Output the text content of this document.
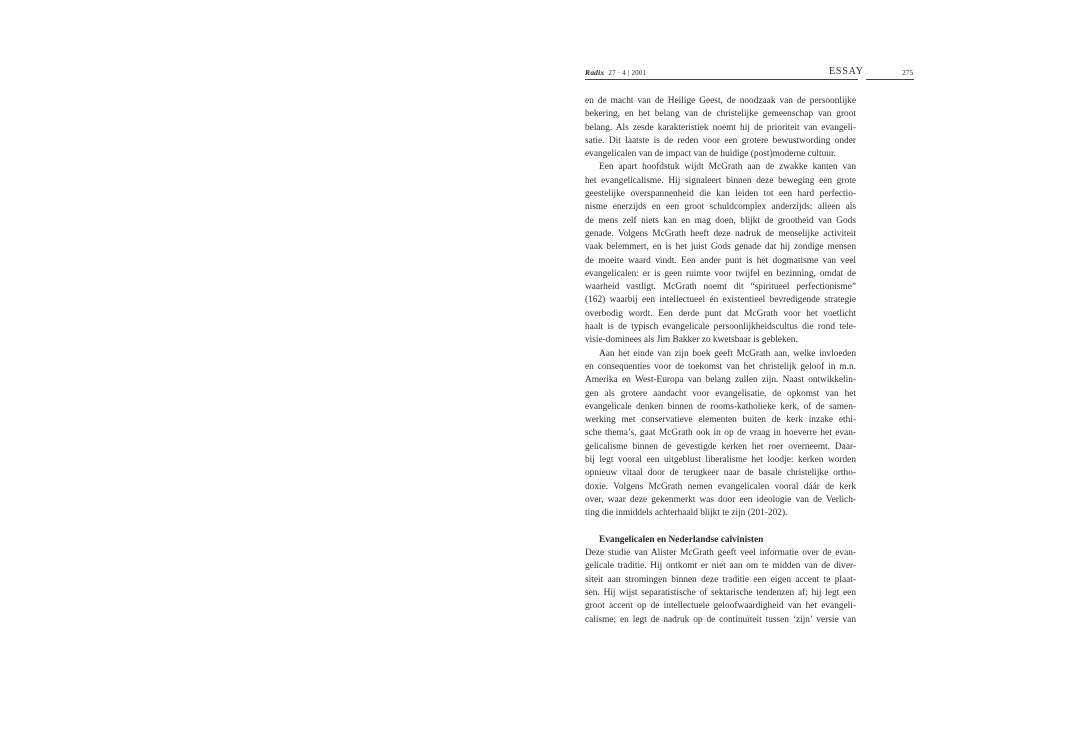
Radix 27 · 4 | 2001	ESSAY	275
en de macht van de Heilige Geest, de noodzaak van de persoonlijke
bekering, en het belang van de christelijke gemeenschap van groot
belang. Als zesde karakteristiek noemt hij de prioriteit van evangeli-
satie. Dit laatste is de reden voor een grotere bewustwording onder
evangelicalen van de impact van de huidige (post)moderne cultuur.
Een apart hoofdstuk wijdt McGrath aan de zwakke kanten van
het evangelicalisme. Hij signaleert binnen deze beweging een grote
geestelijke overspannenheid die kan leiden tot een hard perfectio-
nisme enerzijds en een groot schuldcomplex anderzijds: alleen als
de mens zelf niets kan en mag doen, blijkt de grootheid van Gods
genade. Volgens McGrath heeft deze nadruk de menselijke activiteit
vaak belemmert, en is het juist Gods genade dat hij zondige mensen
de moeite waard vindt. Een ander punt is het dogmatisme van veel
evangelicalen: er is geen ruimte voor twijfel en bezinning, omdat de
waarheid vastligt. McGrath noemt dit “spiritueel perfectionisme”
(162) waarbij een intellectueel én existentieel bevredigende strategie
overbodig wordt. Een derde punt dat McGrath voor het voetlicht
haalt is de typisch evangelicale persoonlijkheidscultus die rond tele-
visie-dominees als Jim Bakker zo kwetsbaar is gebleken.
Aan het einde van zijn boek geeft McGrath aan, welke invloeden
en consequenties voor de toekomst van het christelijk geloof in m.n.
Amerika en West-Europa van belang zullen zijn. Naast ontwikkelin-
gen als grotere aandacht voor evangelisatie, de opkomst van het
evangelicale denken binnen de rooms-katholieke kerk, of de samen-
werking met conservatieve elementen buiten de kerk inzake ethi-
sche thema’s, gaat McGrath ook in op de vraag in hoeverre het evan-
gelicalisme binnen de gevestigde kerken het roer overneemt. Daar-
bij legt vooral een uitgeblust liberalisme het loodje: kerken worden
opnieuw vitaal door de terugkeer naar de basale christelijke ortho-
doxie. Volgens McGrath nemen evangelicalen vooral dáár de kerk
over, waar deze gekenmerkt was door een ideologie van de Verlich-
ting die inmiddels achterhaald blijkt te zijn (201-202).
Evangelicalen en Nederlandse calvinisten
Deze studie van Alister McGrath geeft veel informatie over de evan-
gelicale traditie. Hij ontkomt er niet aan om te midden van de diver-
siteit aan stromingen binnen deze traditie een eigen accent te plaat-
sen. Hij wijst separatistische of sektarische tendenzen af; hij legt een
groot accent op de intellectuele geloofwaardigheid van het evangeli-
calisme; en legt de nadruk op de continuïteit tussen ‘zijn’ versie van
